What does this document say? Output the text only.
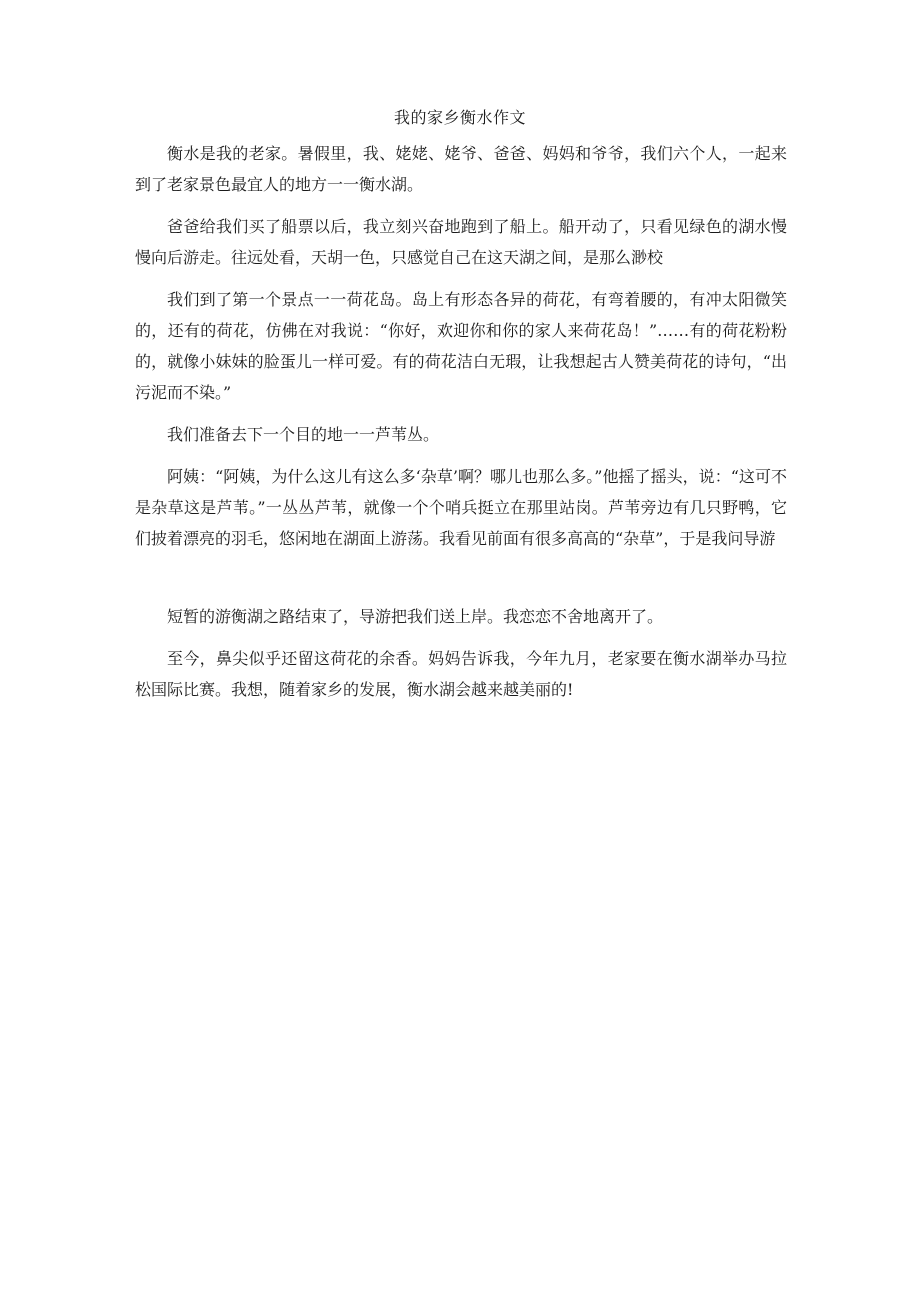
我的家乡衡水作文

衡水是我的老家。暑假里，我、姥姥、姥爷、爸爸、妈妈和爷爷，我们六个人，一起来到了老家景色最宜人的地方一一衡水湖。

爸爸给我们买了船票以后，我立刻兴奋地跑到了船上。船开动了，只看见绿色的湖水慢慢向后游走。往远处看，天胡一色，只感觉自己在这天湖之间，是那么渺校

我们到了第一个景点一一荷花岛。岛上有形态各异的荷花，有弯着腰的，有冲太阳微笑的，还有的荷花，仿佛在对我说：“你好，欢迎你和你的家人来荷花岛！”……有的荷花粉粉的，就像小妹妹的脸蛋儿一样可爱。有的荷花洁白无瑕，让我想起古人赞美荷花的诗句，“出污泥而不染。”

我们准备去下一个目的地一一芦苇丛。

阿姨：“阿姨，为什么这儿有这么多‘杂草’啊？哪儿也那么多。”他摇了摇头，说：“这可不是杂草这是芦苇。”一丛丛芦苇，就像一个个哨兵挺立在那里站岗。芦苇旁边有几只野鸭，它们披着漂亮的羽毛，悠闲地在湖面上游荡。我看见前面有很多高高的“杂草”，于是我问导游

短暂的游衡湖之路结束了，导游把我们送上岸。我恋恋不舍地离开了。

至今，鼻尖似乎还留这荷花的余香。妈妈告诉我，今年九月，老家要在衡水湖举办马拉松国际比赛。我想，随着家乡的发展，衡水湖会越来越美丽的!
